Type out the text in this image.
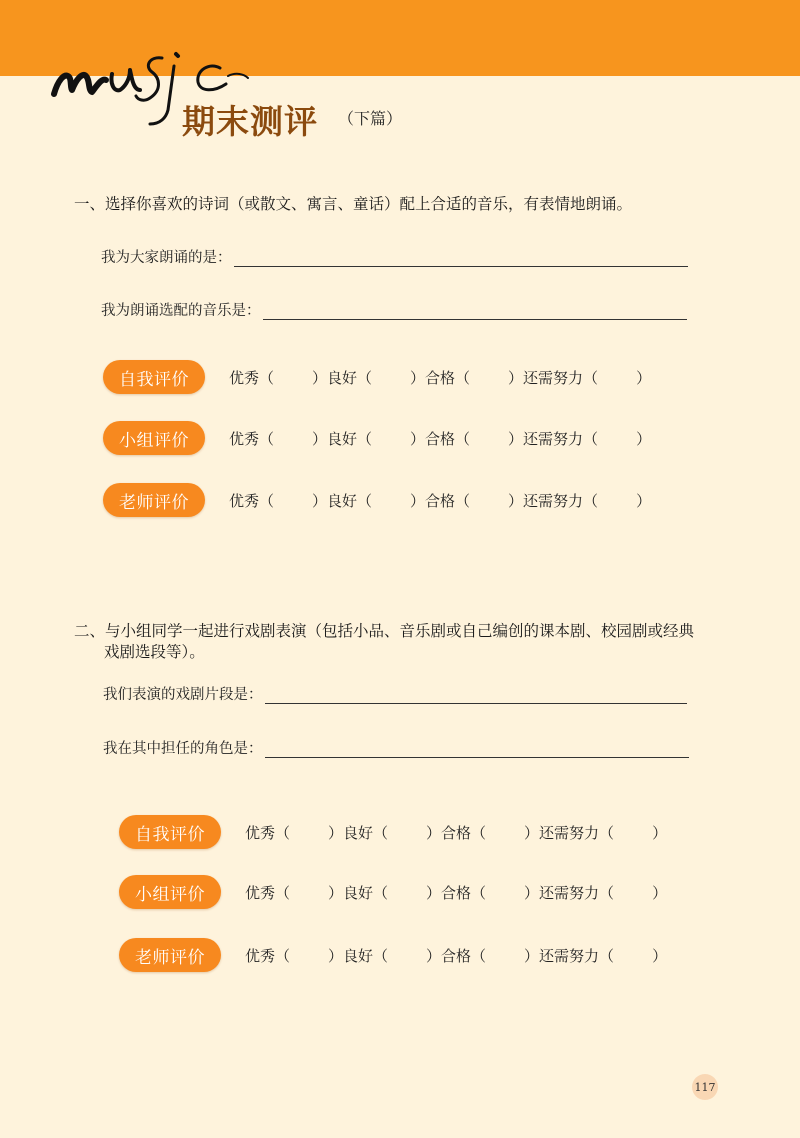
期末测评 （下篇）
一、选择你喜欢的诗词（或散文、寓言、童话）配上合适的音乐，有表情地朗诵。
我为大家朗诵的是：
我为朗诵选配的音乐是：
自我评价	优秀（	）良好（	）合格（	）还需努力（	）
小组评价	优秀（	）良好（	）合格（	）还需努力（	）
老师评价	优秀（	）良好（	）合格（	）还需努力（	）
二、与小组同学一起进行戏剧表演（包括小品、音乐剧或自己编创的课本剧、校园剧或经典
戏剧选段等）。
我们表演的戏剧片段是：
我在其中担任的角色是：
自我评价	优秀（	）良好（	）合格（	）还需努力（	）
小组评价	优秀（	）良好（	）合格（	）还需努力（	）
老师评价	优秀（	）良好（	）合格（	）还需努力（	）
117
